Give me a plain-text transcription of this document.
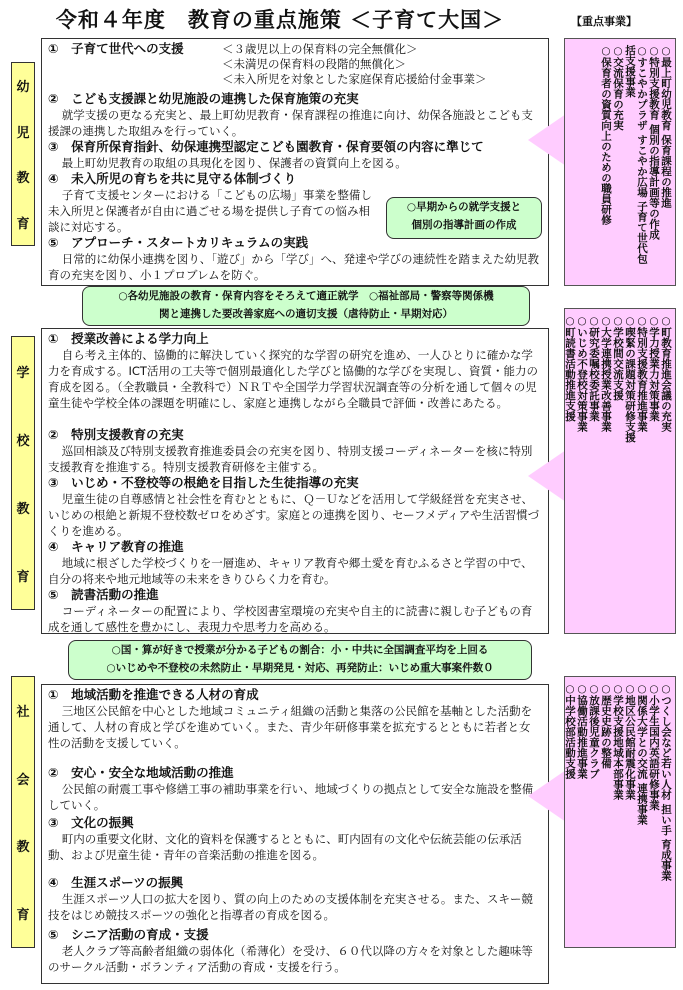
令和４年度　教育の重点施策 ＜子育て大国＞	【重点事業】
幼
児
教
育
①　子育て世代への支援	＜３歳児以上の保育料の完全無償化＞
＜未満児の保育料の段階的無償化＞
＜未入所児を対象とした家庭保育応援給付金事業＞
②　こども支援課と幼児施設の連携した保育施策の充実
就学支援の更なる充実と、最上町幼児教育・保育課程の推進に向け、幼保各施設とこども支援課の連携した取組みを行っていく。
③　保育所保育指針、幼保連携型認定こども園教育・保育要領の内容に準じて
最上町幼児教育の取組の具現化を図り、保護者の資質向上を図る。
④　未入所児の育ちを共に見守る体制づくり
子育て支援センターにおける「こどもの広場」事業を整備し未入所児と保護者が自由に過ごせる場を提供し子育ての悩み相談に対応する。
⑤　アプローチ・スタートカリキュラムの実践
日常的に幼保小連携を図り、「遊び」から「学び」へ、発達や学びの連続性を踏まえた幼児教育の充実を図り、小１プロブレムを防ぐ。
○早期からの就学支援と
個別の指導計画の作成
○最上町幼児教育 保育課程の推進
○特別支援教育 個別の指導計画等の作成
○すこやかプラザ すこやか広場 子育て世代包
括支援事業
○交流保育の充実
○保育者の資質向上のための職員研修
○各幼児施設の教育・保育内容をそろえて適正就学　○福祉部局・警察等関係機
関と連携した要改善家庭への適切支援（虐待防止・早期対応）
学
校
教
育
①　授業改善による学力向上
自ら考え主体的、協働的に解決していく探究的な学習の研究を進め、一人ひとりに確かな学力を育成する。ICT活用の工夫等で個別最適化した学びと協働的な学びを実現し、資質・能力の育成を図る。（全教職員・全教科で）ＮＲＴや全国学力学習状況調査等の分析を通して個々の児童生徒や学校全体の課題を明確にし、家庭と連携しながら全職員で評価・改善にあたる。
②　特別支援教育の充実
巡回相談及び特別支援教育推進委員会の充実を図り、特別支援コーディネーターを核に特別支援教育を推進する。特別支援教育研修を主催する。
③　いじめ・不登校等の根絶を目指した生徒指導の充実
児童生徒の自尊感情と社会性を育むとともに、Ｑ－Ｕなどを活用して学級経営を充実させ、いじめの根絶と新規不登校数ゼロをめざす。家庭との連携を図り、セーフメディアや生活習慣づくりを進める。
④　キャリア教育の推進
地域に根ざした学校づくりを一層進め、キャリア教育や郷土愛を育むふるさと学習の中で、自分の将来や地元地域等の未来をきりひらく力を育む。
⑤　読書活動の推進
コーディネーターの配置により、学校図書室環境の充実や自主的に読書に親しむ子どもの育成を通して感性を豊かにし、表現力や思考力を高める。
○町教育推進会議の充実
○学力授業力対策事業
○特別支援教育推進事業
○喫緊の課題対策研修支援
○学校間交流支援
○大学連携授業改善事業
○研究委嘱校委託事業
○いじめ不登校対策事業
○町読書活動推進支援
○国・算が好きで授業が分かる子どもの割合：小・中共に全国調査平均を上回る
○いじめや不登校の未然防止・早期発見・対応、再発防止：いじめ重大事案件数０
社
会
教
育
①　地域活動を推進できる人材の育成
三地区公民館を中心とした地域コミュニティ組織の活動と集落の公民館を基軸とした活動を通して、人材の育成と学びを進めていく。また、青少年研修事業を拡充するとともに若者と女性の活動を支援していく。
②　安心・安全な地域活動の推進
公民館の耐震工事や修繕工事の補助事業を行い、地域づくりの拠点として安全な施設を整備していく。
③　文化の振興
町内の重要文化財、文化的資料を保護するとともに、町内固有の文化や伝統芸能の伝承活動、および児童生徒・青年の音楽活動の推進を図る。
④　生涯スポーツの振興
生涯スポーツ人口の拡大を図り、質の向上のための支援体制を充実させる。また、スキー競技をはじめ競技スポーツの強化と指導者の育成を図る。
⑤　シニア活動の育成・支援
老人クラブ等高齢者組織の弱体化（希薄化）を受け、６０代以降の方々を対象とした趣味等のサークル活動・ボランティア活動の育成・支援を行う。
○つくし会など若い人材 担い手 育成事業
○小学生国内英語研修事業
○関係大学との交流 連携事業
○地区公民館耐震化事業
○学校支援地域本部事業
○歴史史跡の整備
○放課後児童クラブ
○協働活動推進事業
○中学校部活動支援
